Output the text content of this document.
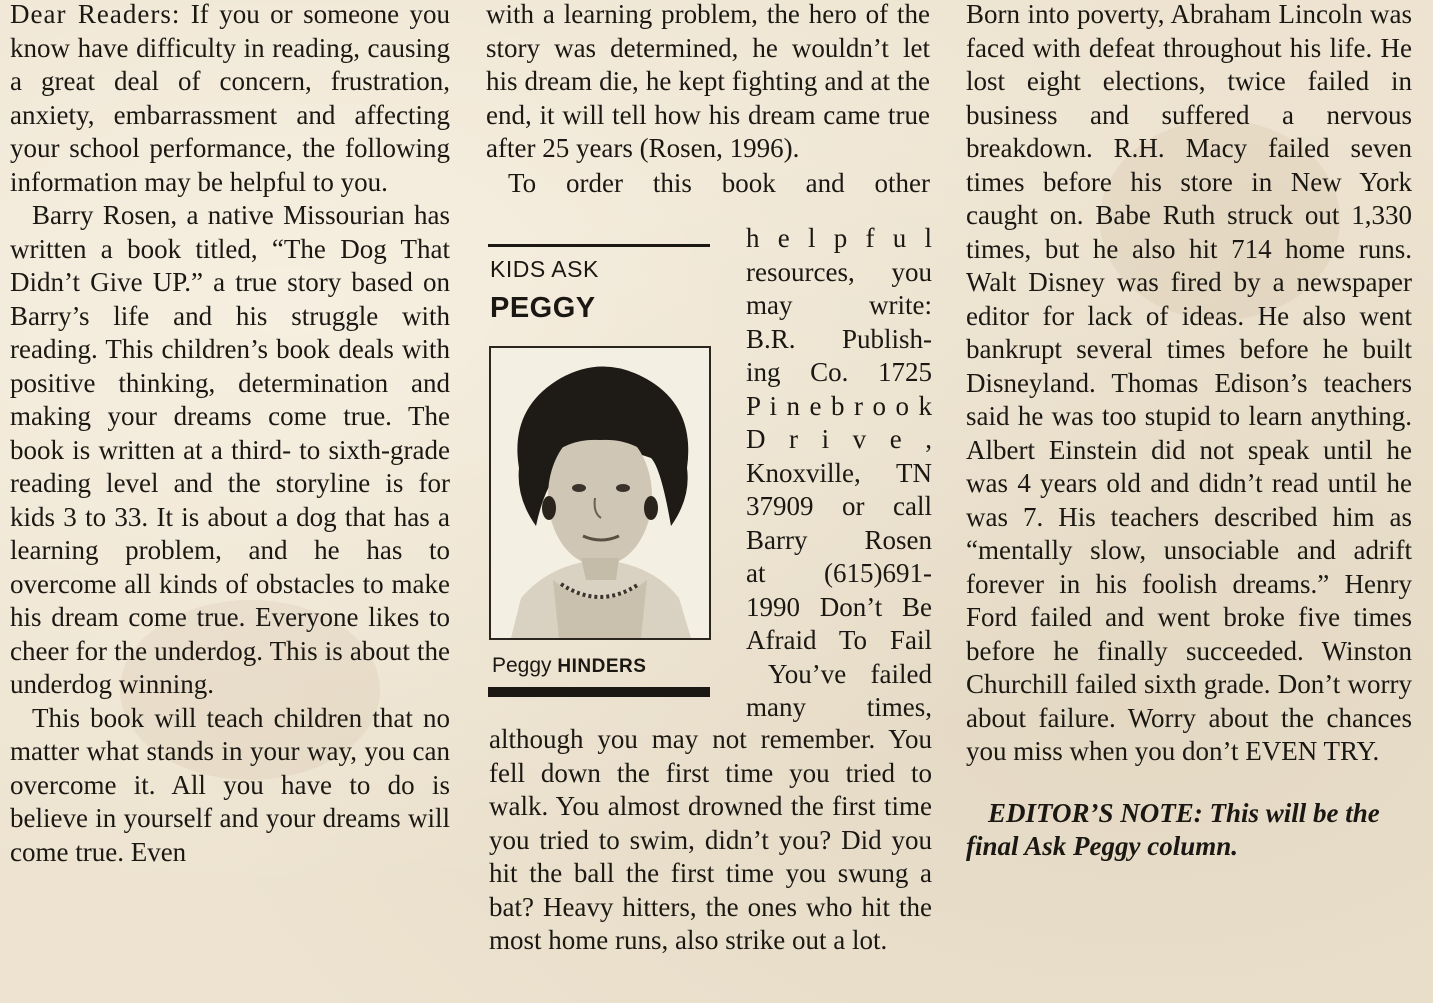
Dear Readers: If you or someone you know have difficulty in reading, causing a great deal of concern, frustration, anxiety, embarrassment and affecting your school performance, the following information may be helpful to you.

Barry Rosen, a native Missourian has written a book titled, “The Dog That Didn’t Give UP.” a true story based on Barry’s life and his struggle with reading. This children’s book deals with positive thinking, determination and making your dreams come true. The book is written at a third- to sixth-grade reading level and the storyline is for kids 3 to 33. It is about a dog that has a learning problem, and he has to overcome all kinds of obstacles to make his dream come true. Everyone likes to cheer for the underdog. This is about the underdog winning.

This book will teach children that no matter what stands in your way, you can overcome it. All you have to do is believe in yourself and your dreams will come true. Even

with a learning problem, the hero of the story was determined, he wouldn’t let his dream die, he kept fighting and at the end, it will tell how his dream came true after 25 years (Rosen, 1996).

To order this book and other

KIDS ASK
PEGGY
Peggy HINDERS
h e l p f u l
resources, you
may write:
B.R. Publish-
ing Co. 1725
P i n e b r o o k
D r i v e ,
Knoxville, TN
37909 or call
Barry Rosen
at (615)691-
1990 Don’t Be
Afraid To Fail
You’ve failed
many times,

although you may not remember. You fell down the first time you tried to walk. You almost drowned the first time you tried to swim, didn’t you? Did you hit the ball the first time you swung a bat? Heavy hitters, the ones who hit the most home runs, also strike out a lot.

Born into poverty, Abraham Lincoln was faced with defeat throughout his life. He lost eight elections, twice failed in business and suffered a nervous breakdown. R.H. Macy failed seven times before his store in New York caught on. Babe Ruth struck out 1,330 times, but he also hit 714 home runs. Walt Disney was fired by a newspaper editor for lack of ideas. He also went bankrupt several times before he built Disneyland. Thomas Edison’s teachers said he was too stupid to learn anything. Albert Einstein did not speak until he was 4 years old and didn’t read until he was 7. His teachers described him as “mentally slow, unsociable and adrift forever in his foolish dreams.” Henry Ford failed and went broke five times before he finally succeeded. Winston Churchill failed sixth grade. Don’t worry about failure. Worry about the chances you miss when you don’t EVEN TRY.

EDITOR’S NOTE: This will be the
final Ask Peggy column.
